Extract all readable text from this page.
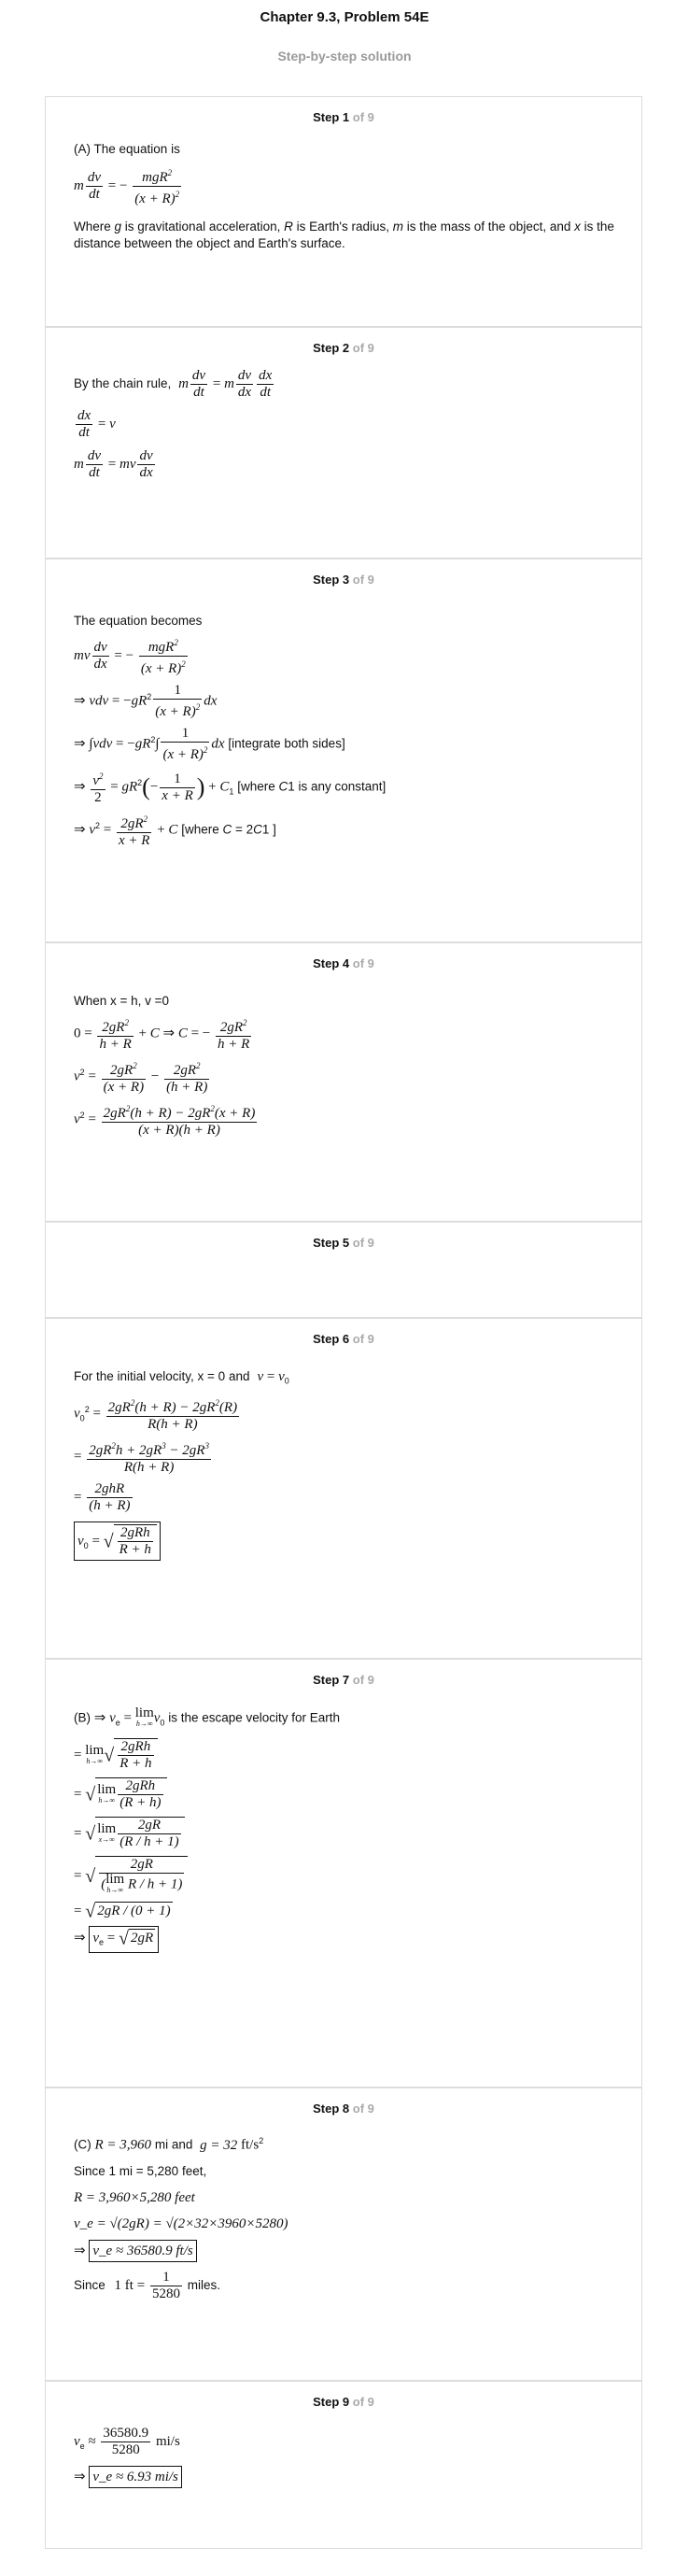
Chapter 9.3, Problem 54E
Step-by-step solution
Step 1 of 9

(A) The equation is

m $\frac{dv}{dt}$ = − $\frac{mgR^2}{(x + R)^2}$

Where g is gravitational acceleration, R is Earth's radius, m is the mass of the object, and x is the distance between the object and Earth's surface.

Step 2 of 9
By the chain rule, m $\frac{dv}{dt} = m \frac{dv}{dx} \frac{dx}{dt}$
$\frac{dx}{dt} = v$
m $\frac{dv}{dt}$ = mv $\frac{dv}{dx}$
Step 3 of 9

The equation becomes

mv $\frac{dv}{dx}$ = − $\frac{mgR^2}{(x + R)^2}$
⇒ vdv = $-gR^2 \frac{1}{(x + R)^2}$ dx
⇒ $\int vdv = -gR^2\int \frac{1}{(x + R)^2}$ dx [integrate both sides]
⇒ $\frac{v^2}{2} = gR^2(- \frac{1}{x + R}$ ) + $C_1$ [where C1 is any constant]
⇒ $v^2 = \frac{2gR^2}{x + R} + C$ [where C = 2C1 ]
Step 4 of 9

When x = h, v =0

$0 = \frac{2gR^2}{h + R} + C$ ⇒ C = − $\frac{2gR^2}{h + R}$
$v^2 = \frac{2gR^2}{(x + R)} - \frac{2gR^2}{(h + R)}$
$v^2 = \frac{2gR^2(h + R) - 2gR^2(x + R)}{(x + R)(h + R)}$
Step 5 of 9
Step 6 of 9
For the initial velocity, x = 0 and $v = v_0$
$v_0^2 = \frac{2gR^2(h + R) - 2gR^2(R)}{R(h + R)}$
= $\frac{2gR^2h + 2gR^3 - 2gR^3}{R(h + R)}$
= $\frac{\text{2ghR}}{(h + R)}$
$v_0$ = √ $\frac{\text{2gRh}}{R + h}$
Step 7 of 9
(B) ⇒ $v_e = \lim$
h→∞ $v_0$ is the escape velocity for Earth
= lim
h→∞ √ $\frac{\text{2gRh}}{R + h}$
= √ lim
$h\to\infty \frac{\text{2gRh}}{(R + h)}$
= √ lim
$x\to\infty \frac{2gR}{(R / h + 1)}$
= √ 2gR
(lim
h→∞ R / h + 1)
= √ 2gR / (0 + 1)
⇒ $v_e$ = √ 2gR
Step 8 of 9
(C) R = 3,960 mi and g = 32 $ft/s^2$

Since 1 mi = 5,280 feet,

R = 3,960×5,280 feet

v_e = √(2gR) = √(2×32×3960×5280)

⇒ v_e ≈ 36580.9 ft/s
Since 1 ft = $\frac{1}{5280}$ miles.
Step 9 of 9
$v_e \approx \frac{36580.9}{5280} mi/s$
⇒ v_e ≈ 6.93 mi/s
